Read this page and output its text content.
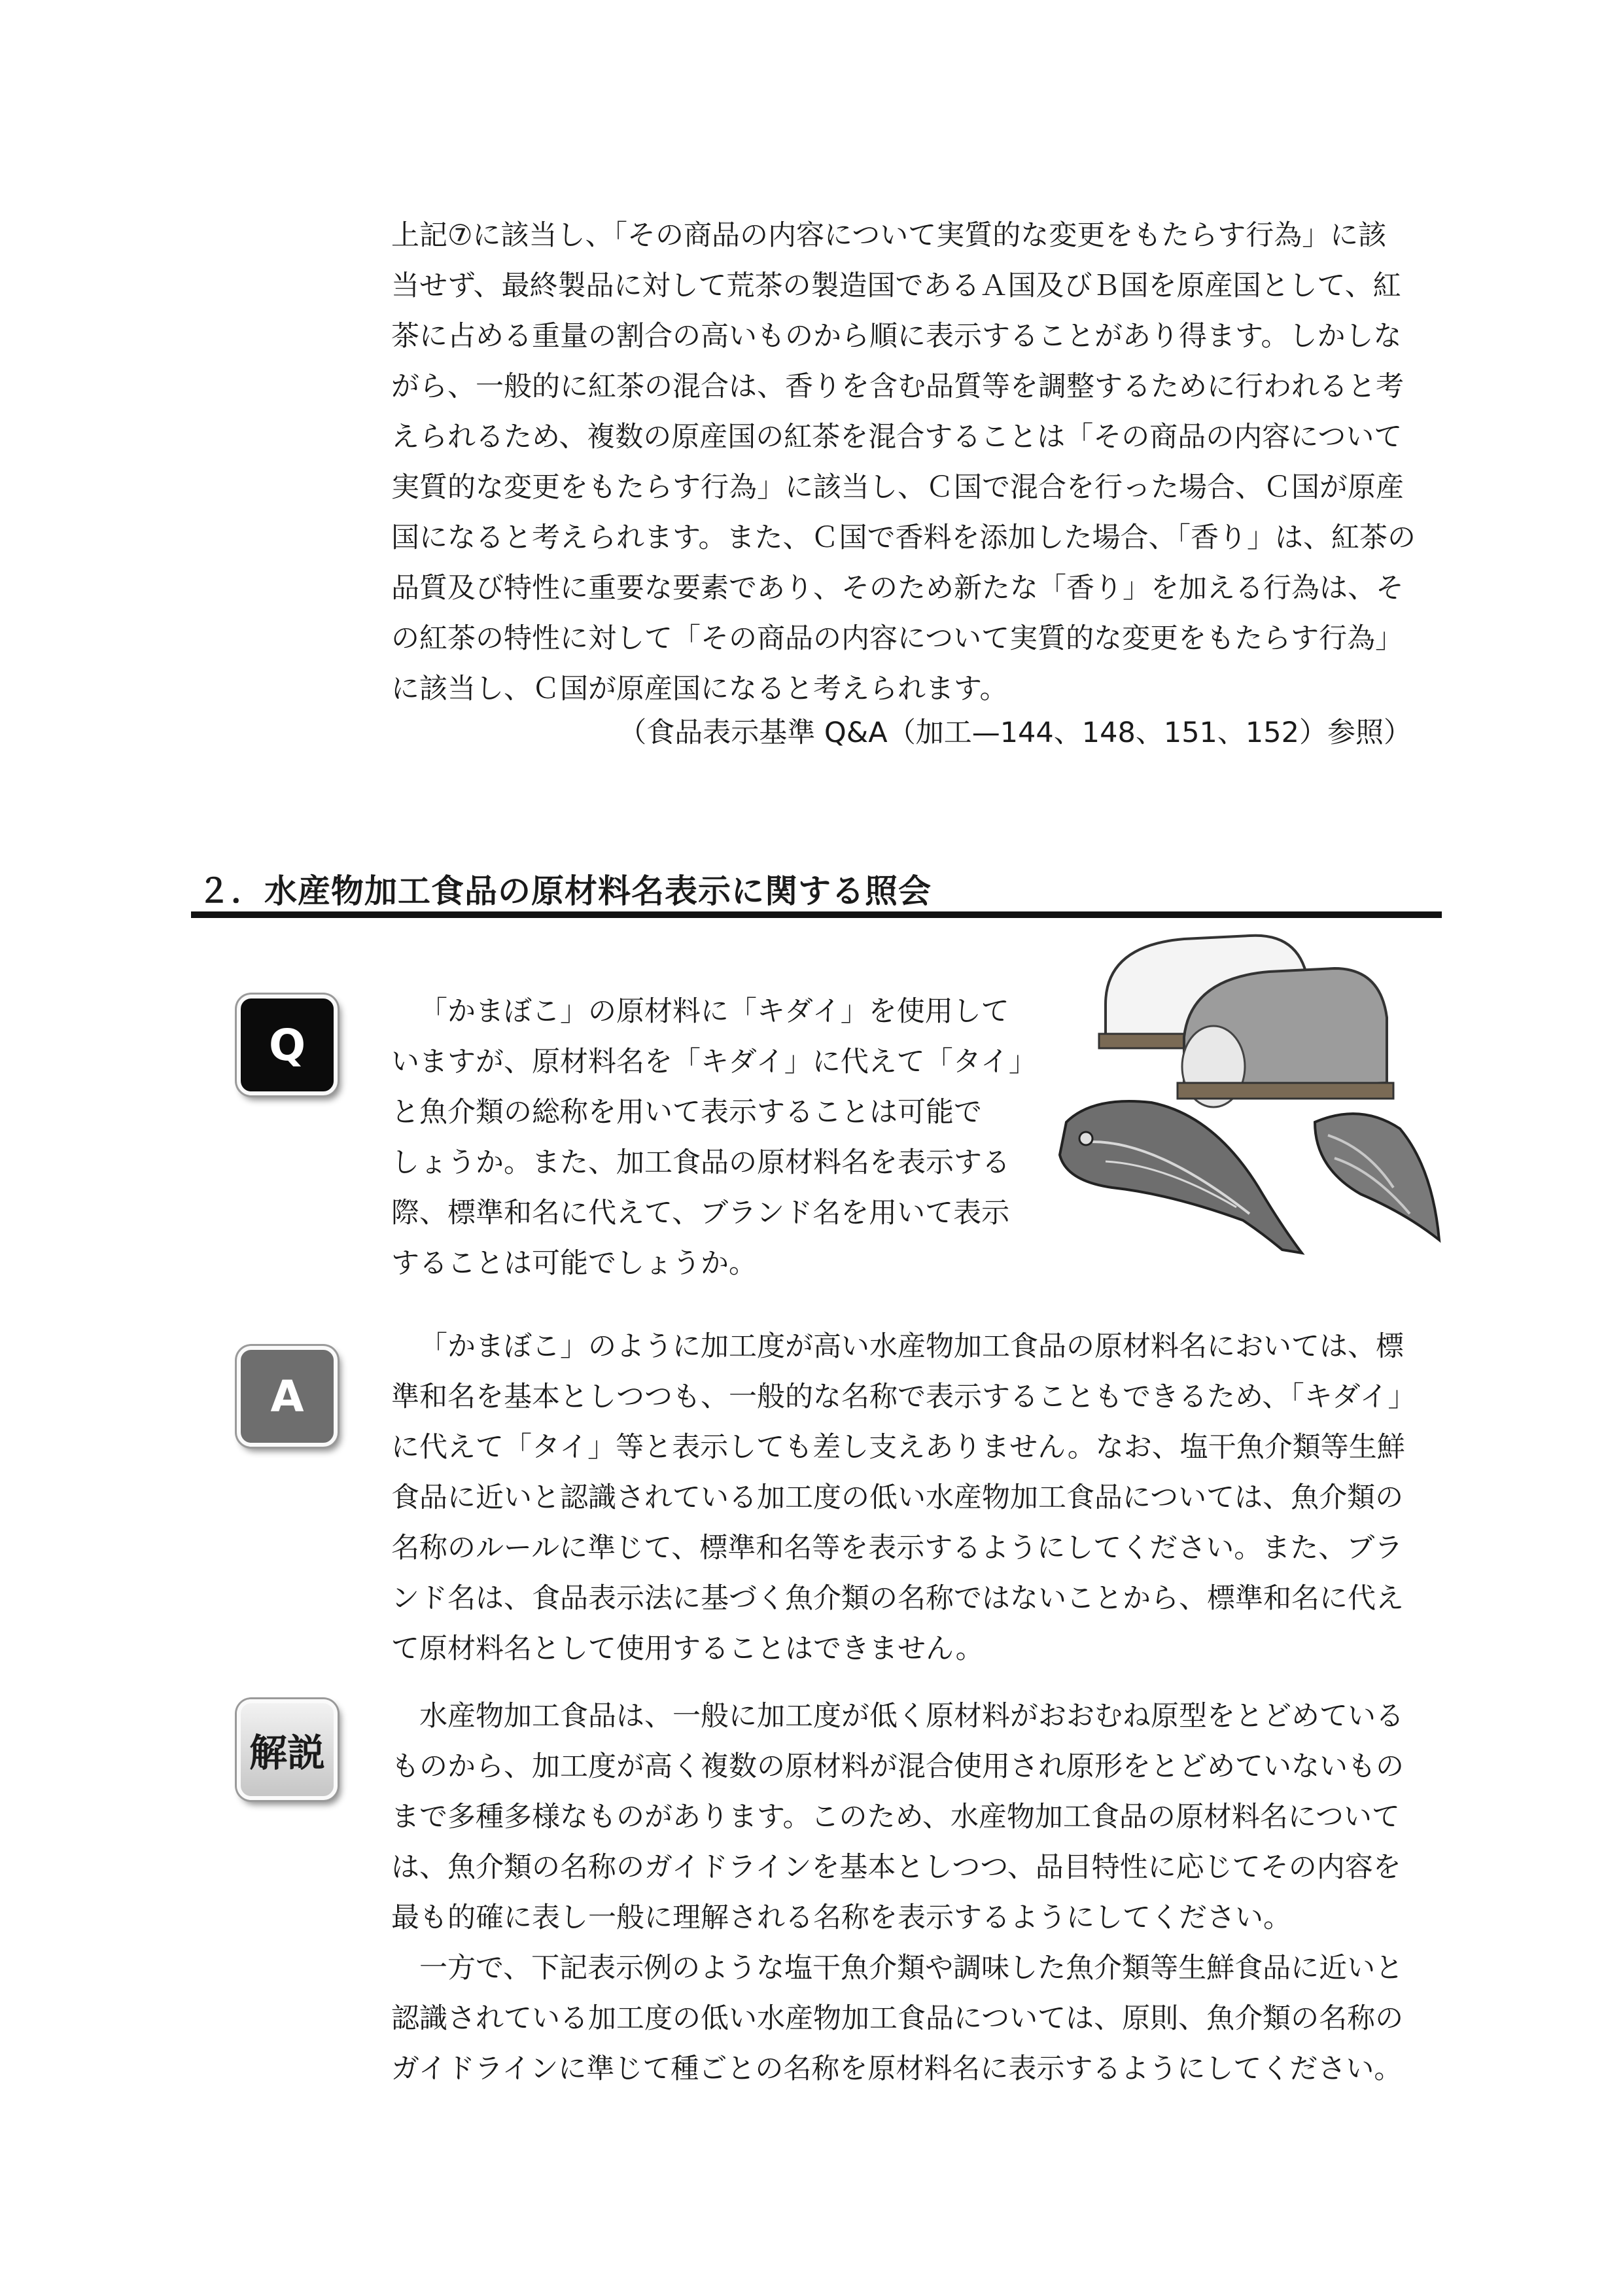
上記⑦に該当し、「その商品の内容について実質的な変更をもたらす行為」に該
当せず、最終製品に対して荒茶の製造国であるＡ国及びＢ国を原産国として、紅
茶に占める重量の割合の高いものから順に表示することがあり得ます。しかしな
がら、一般的に紅茶の混合は、香りを含む品質等を調整するために行われると考
えられるため、複数の原産国の紅茶を混合することは「その商品の内容について
実質的な変更をもたらす行為」に該当し、Ｃ国で混合を行った場合、Ｃ国が原産
国になると考えられます。また、Ｃ国で香料を添加した場合、「香り」は、紅茶の
品質及び特性に重要な要素であり、そのため新たな「香り」を加える行為は、そ
の紅茶の特性に対して「その商品の内容について実質的な変更をもたらす行為」
に該当し、Ｃ国が原産国になると考えられます。
（食品表示基準 Q&A（加工—144、148、151、152）参照）
２．水産物加工食品の原材料名表示に関する照会
Q
「かまぼこ」の原材料に「キダイ」を使用して
いますが、原材料名を「キダイ」に代えて「タイ」
と魚介類の総称を用いて表示することは可能で
しょうか。また、加工食品の原材料名を表示する
際、標準和名に代えて、ブランド名を用いて表示
することは可能でしょうか。
A
「かまぼこ」のように加工度が高い水産物加工食品の原材料名においては、標
準和名を基本としつつも、一般的な名称で表示することもできるため、「キダイ」
に代えて「タイ」等と表示しても差し支えありません。なお、塩干魚介類等生鮮
食品に近いと認識されている加工度の低い水産物加工食品については、魚介類の
名称のルールに準じて、標準和名等を表示するようにしてください。また、ブラ
ンド名は、食品表示法に基づく魚介類の名称ではないことから、標準和名に代え
て原材料名として使用することはできません。
解説
水産物加工食品は、一般に加工度が低く原材料がおおむね原型をとどめている
ものから、加工度が高く複数の原材料が混合使用され原形をとどめていないもの
まで多種多様なものがあります。このため、水産物加工食品の原材料名について
は、魚介類の名称のガイドラインを基本としつつ、品目特性に応じてその内容を
最も的確に表し一般に理解される名称を表示するようにしてください。
一方で、下記表示例のような塩干魚介類や調味した魚介類等生鮮食品に近いと
認識されている加工度の低い水産物加工食品については、原則、魚介類の名称の
ガイドラインに準じて種ごとの名称を原材料名に表示するようにしてください。
